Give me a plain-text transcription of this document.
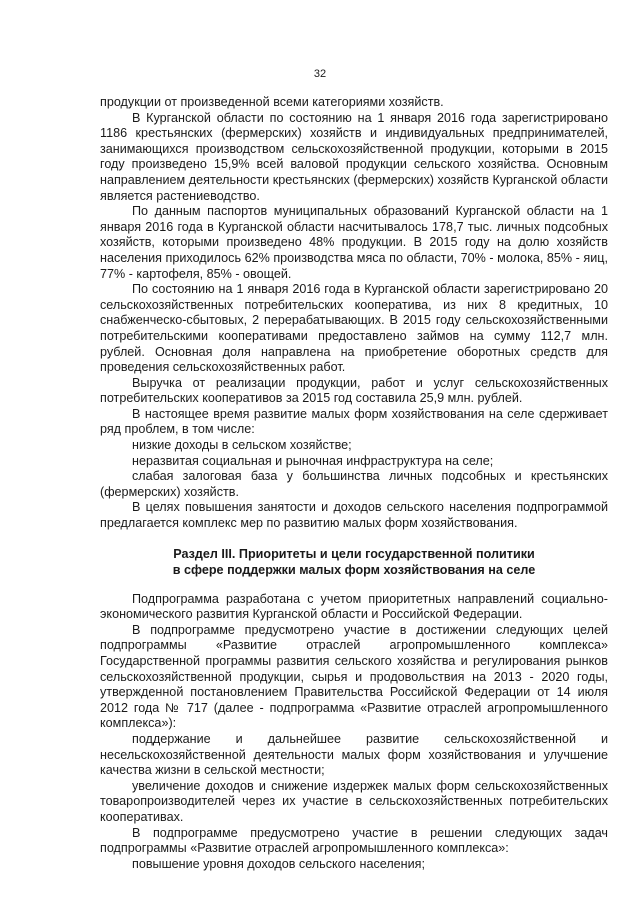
32

продукции от произведенной всеми категориями хозяйств.

В Курганской области по состоянию на 1 января 2016 года зарегистрировано 1186 крестьянских (фермерских) хозяйств и индивидуальных предпринимателей, занимающихся производством сельскохозяйственной продукции, которыми в 2015 году произведено 15,9% всей валовой продукции сельского хозяйства. Основным направлением деятельности крестьянских (фермерских) хозяйств Курганской области является растениеводство.

По данным паспортов муниципальных образований Курганской области на 1 января 2016 года в Курганской области насчитывалось 178,7 тыс. личных подсобных хозяйств, которыми произведено 48% продукции. В 2015 году на долю хозяйств населения приходилось 62% производства мяса по области, 70% - молока, 85% - яиц, 77% - картофеля, 85% - овощей.

По состоянию на 1 января 2016 года в Курганской области зарегистрировано 20 сельскохозяйственных потребительских кооператива, из них 8 кредитных, 10 снабженческо-сбытовых, 2 перерабатывающих. В 2015 году сельскохозяйственными потребительскими кооперативами предоставлено займов на сумму 112,7 млн. рублей. Основная доля направлена на приобретение оборотных средств для проведения сельскохозяйственных работ.

Выручка от реализации продукции, работ и услуг сельскохозяйственных потребительских кооперативов за 2015 год составила 25,9 млн. рублей.

В настоящее время развитие малых форм хозяйствования на селе сдерживает ряд проблем, в том числе:

низкие доходы в сельском хозяйстве;

неразвитая социальная и рыночная инфраструктура на селе;

слабая залоговая база у большинства личных подсобных и крестьянских (фермерских) хозяйств.

В целях повышения занятости и доходов сельского населения подпрограммой предлагается комплекс мер по развитию малых форм хозяйствования.

Раздел III. Приоритеты и цели государственной политики
в сфере поддержки малых форм хозяйствования на селе

Подпрограмма разработана с учетом приоритетных направлений социально-экономического развития Курганской области и Российской Федерации.

В подпрограмме предусмотрено участие в достижении следующих целей подпрограммы «Развитие отраслей агропромышленного комплекса» Государственной программы развития сельского хозяйства и регулирования рынков сельскохозяйственной продукции, сырья и продовольствия на 2013 - 2020 годы, утвержденной постановлением Правительства Российской Федерации от 14 июля 2012 года № 717 (далее - подпрограмма «Развитие отраслей агропромышленного комплекса»):

поддержание и дальнейшее развитие сельскохозяйственной и несельскохозяйственной деятельности малых форм хозяйствования и улучшение качества жизни в сельской местности;

увеличение доходов и снижение издержек малых форм сельскохозяйственных товаропроизводителей через их участие в сельскохозяйственных потребительских кооперативах.

В подпрограмме предусмотрено участие в решении следующих задач подпрограммы «Развитие отраслей агропромышленного комплекса»:

повышение уровня доходов сельского населения;
